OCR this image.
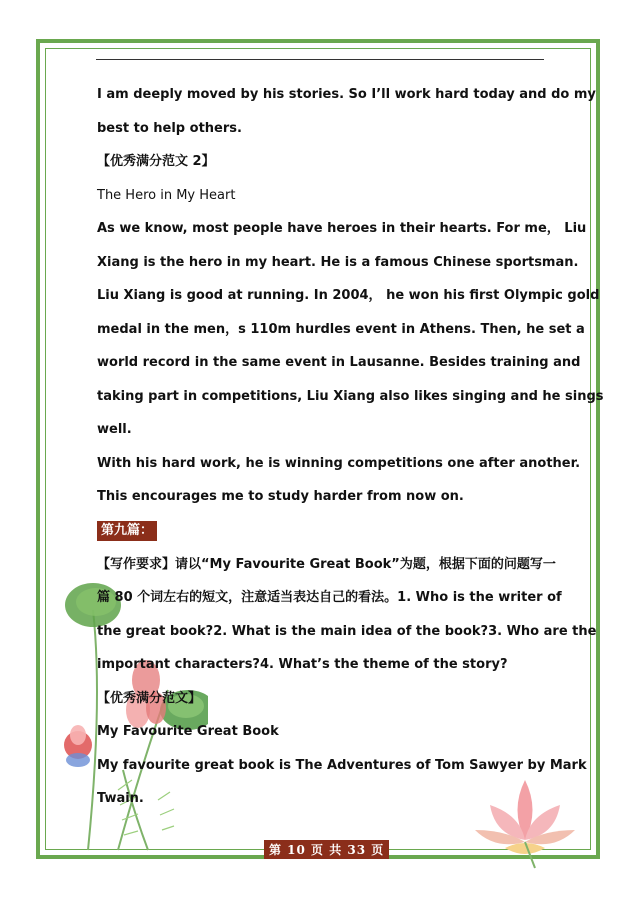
I am deeply moved by his stories. So I’ll work hard today and do my
best to help others.
【优秀满分范文 2】
The Hero in My Heart
As we know, most people have heroes in their hearts. For me， Liu
Xiang is the hero in my heart. He is a famous Chinese sportsman.
Liu Xiang is good at running. In 2004， he won his first Olympic gold
medal in the men，s 110m hurdles event in Athens. Then, he set a
world record in the same event in Lausanne. Besides training and
taking part in competitions, Liu Xiang also likes singing and he sings
well.
With his hard work, he is winning competitions one after another.
This encourages me to study harder from now on.
第九篇：
【写作要求】请以“My Favourite Great Book”为题，根据下面的问题写一
篇 80 个词左右的短文，注意适当表达自己的看法。1. Who is the writer of
the great book?2. What is the main idea of the book?3. Who are the
important characters?4. What’s the theme of the story?
【优秀满分范文】
My Favourite Great Book
My favourite great book is The Adventures of Tom Sawyer by Mark
Twain.
第 10 页 共 33 页
